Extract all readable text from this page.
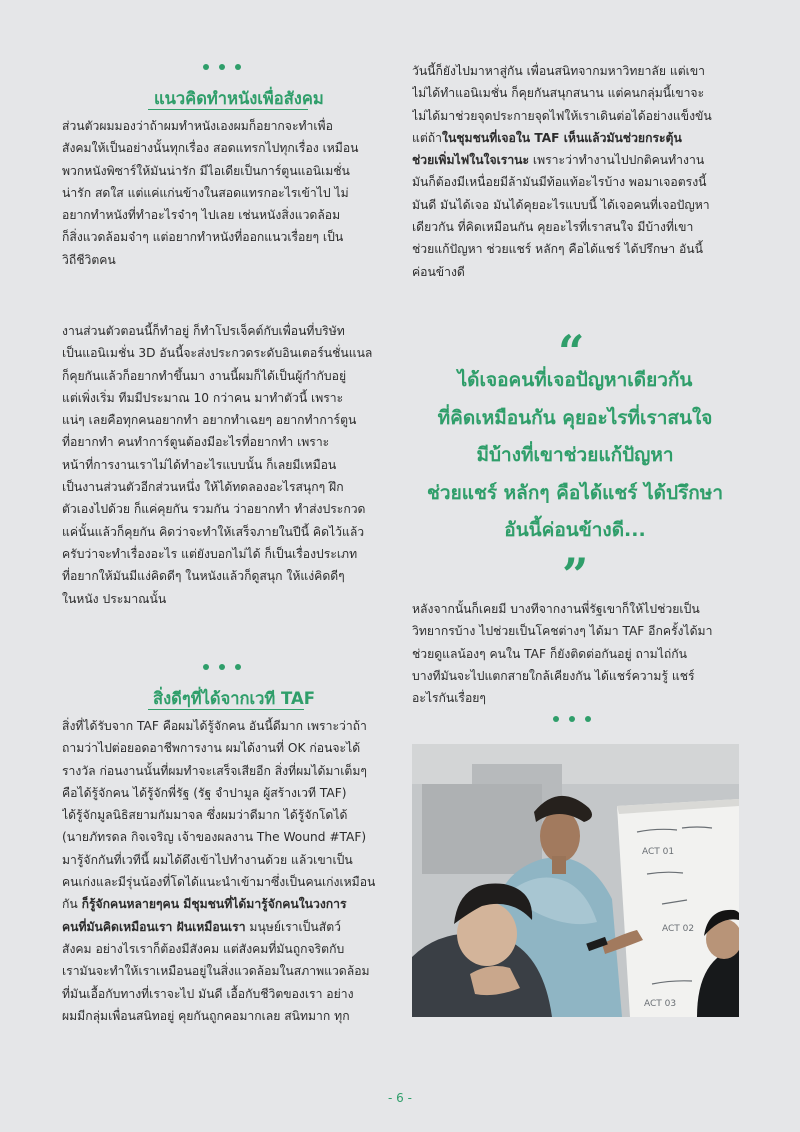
แนวคิดทำหนังเพื่อสังคม
ส่วนตัวผมมองว่าถ้าผมทำหนังเองผมก็อยากจะทำเพื่อ
สังคมให้เป็นอย่างนั้นทุกเรื่อง สอดแทรกไปทุกเรื่อง เหมือน
พวกหนังพิซาร์ให้มันน่ารัก มีไอเดียเป็นการ์ตูนแอนิเมชั่น
น่ารัก สดใส แต่แค่แก่นข้างในสอดแทรกอะไรเข้าไป ไม่
อยากทำหนังที่ทำอะไรจ๋าๆ ไปเลย เช่นหนังสิ่งแวดล้อม
ก็สิ่งแวดล้อมจ๋าๆ แต่อยากทำหนังที่ออกแนวเรื่อยๆ เป็น
วิถีชีวิตคน
งานส่วนตัวตอนนี้ก็ทำอยู่ ก็ทำโปรเจ็คต์กับเพื่อนที่บริษัท
เป็นแอนิเมชั่น 3D อันนี้จะส่งประกวดระดับอินเตอร์นชั่นแนล
ก็คุยกันแล้วก็อยากทำขึ้นมา งานนี้ผมก็ได้เป็นผู้กำกับอยู่
แต่เพิ่งเริ่ม ทีมมีประมาณ 10 กว่าคน มาทำตัวนี้ เพราะ
แน่ๆ เลยคือทุกคนอยากทำ อยากทำเฉยๆ อยากทำการ์ตูน
ที่อยากทำ คนทำการ์ตูนต้องมีอะไรที่อยากทำ เพราะ
หน้าที่การงานเราไม่ได้ทำอะไรแบบนั้น ก็เลยมีเหมือน
เป็นงานส่วนตัวอีกส่วนหนึ่ง ให้ได้ทดลองอะไรสนุกๆ ฝึก
ตัวเองไปด้วย ก็แค่คุยกัน รวมกัน ว่าอยากทำ ทำส่งประกวด
แค่นั้นแล้วก็คุยกัน คิดว่าจะทำให้เสร็จภายในปีนี้ คิดไว้แล้ว
ครับว่าจะทำเรื่องอะไร แต่ยังบอกไม่ได้ ก็เป็นเรื่องประเภท
ที่อยากให้มันมีแง่คิดดีๆ ในหนังแล้วก็ดูสนุก ให้แง่คิดดีๆ
ในหนัง ประมาณนั้น
สิ่งดีๆที่ได้จากเวที TAF
สิ่งที่ได้รับจาก TAF คือผมได้รู้จักคน อันนี้ดีมาก เพราะว่าถ้า
ถามว่าไปต่อยอดอาชีพการงาน ผมได้งานที่ OK ก่อนจะได้
รางวัล ก่อนงานนั้นที่ผมทำจะเสร็จเสียอีก สิ่งที่ผมได้มาเต็มๆ
คือได้รู้จักคน ได้รู้จักพี่รัฐ (รัฐ จำปามูล ผู้สร้างเวที TAF)
ได้รู้จักมูลนิธิสยามกัมมาจล ซึ่งผมว่าดีมาก ได้รู้จักโดได้
(นายภัทรดล กิจเจริญ เจ้าของผลงาน The Wound #TAF)
มารู้จักกันที่เวทีนี้ ผมได้ดึงเข้าไปทำงานด้วย แล้วเขาเป็น
คนเก่งและมีรุ่นน้องที่โดได้แนะนำเข้ามาซึ่งเป็นคนเก่งเหมือน
กัน ก็รู้จักคนหลายๆคน มีชุมชนที่ได้มารู้จักคนในวงการ
คนที่มันคิดเหมือนเรา ฝันเหมือนเรา มนุษย์เราเป็นสัตว์
สังคม อย่างไรเราก็ต้องมีสังคม แต่สังคมที่มันถูกจริตกับ
เรามันจะทำให้เราเหมือนอยู่ในสิ่งแวดล้อมในสภาพแวดล้อม
ที่มันเอื้อกับทางที่เราจะไป มันดี เอื้อกับชีวิตของเรา อย่าง
ผมมีกลุ่มเพื่อนสนิทอยู่ คุยกันถูกคอมากเลย สนิทมาก ทุก
วันนี้ก็ยังไปมาหาสู่กัน เพื่อนสนิทจากมหาวิทยาลัย แต่เขา
ไม่ได้ทำแอนิเมชั่น ก็คุยกันสนุกสนาน แต่คนกลุ่มนี้เขาจะ
ไม่ได้มาช่วยจุดประกายจุดไฟให้เราเดินต่อได้อย่างแข็งขัน
แต่ถ้าในชุมชนที่เจอใน TAF เห็นแล้วมันช่วยกระตุ้น
ช่วยเพิ่มไฟในใจเรานะ เพราะว่าทำงานไปปกติคนทำงาน
มันก็ต้องมีเหนื่อยมีล้ามันมีท้อแท้อะไรบ้าง พอมาเจอตรงนี้
มันดี มันได้เจอ มันได้คุยอะไรแบบนี้ ได้เจอคนที่เจอปัญหา
เดียวกัน ที่คิดเหมือนกัน คุยอะไรที่เราสนใจ มีบ้างที่เขา
ช่วยแก้ปัญหา ช่วยแชร์ หลักๆ คือได้แชร์ ได้ปรึกษา อันนี้
ค่อนข้างดี
“
ได้เจอคนที่เจอปัญหาเดียวกัน
ที่คิดเหมือนกัน คุยอะไรที่เราสนใจ
มีบ้างที่เขาช่วยแก้ปัญหา
ช่วยแชร์ หลักๆ คือได้แชร์ ได้ปรึกษา
อันนี้ค่อนข้างดี...
”
หลังจากนั้นก็เคยมี บางทีจากงานพี่รัฐเขาก็ให้ไปช่วยเป็น
วิทยากรบ้าง ไปช่วยเป็นโคชต่างๆ ได้มา TAF อีกครั้งได้มา
ช่วยดูแลน้องๆ คนใน TAF ก็ยังติดต่อกันอยู่ ถามไถ่กัน
บางทีมันจะไปแตกสายใกล้เคียงกัน ได้แชร์ความรู้ แชร์
อะไรกันเรื่อยๆ
ACT 01
ACT 02
ACT 03
- 6 -
